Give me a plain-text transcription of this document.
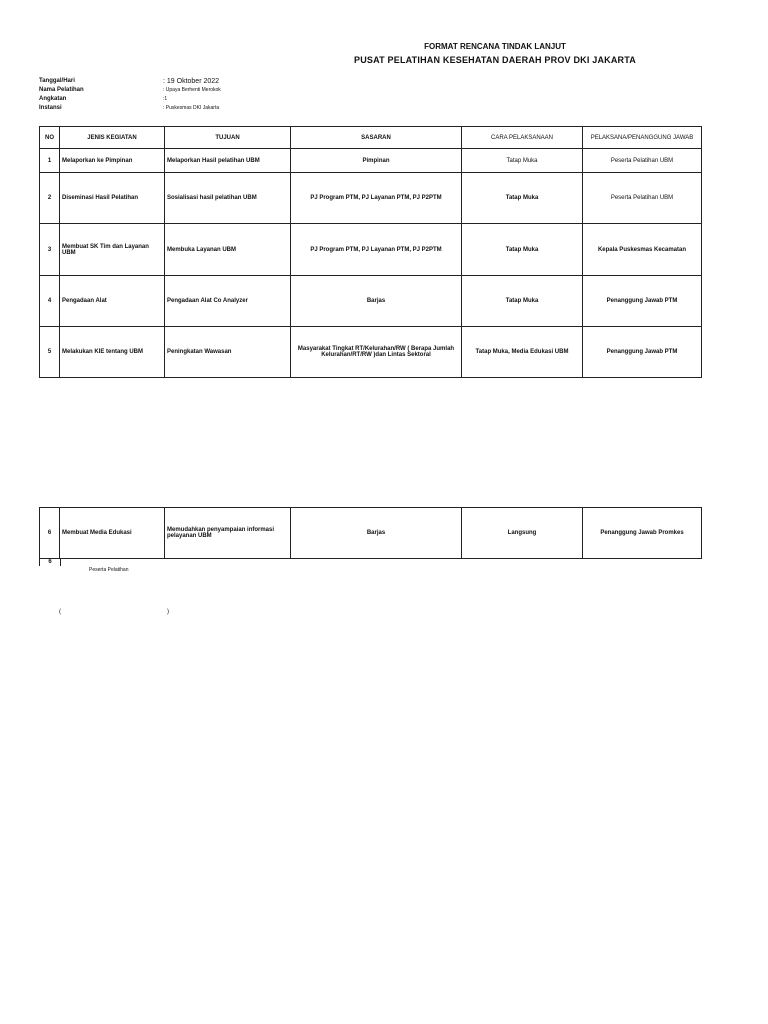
FORMAT RENCANA TINDAK LANJUT
PUSAT PELATIHAN KESEHATAN DAERAH PROV DKI JAKARTA
Tanggal/Hari	: 19 Oktober 2022
Nama Pelatihan	: Upaya Berhenti Merokok
Angkatan	:1
Instansi	: Puskesmas DKI Jakarta
NO	JENIS KEGIATAN	TUJUAN	SASARAN	CARA PELAKSANAAN	PELAKSANA/PENANGGUNG JAWAB
1	Melaporkan ke Pimpinan	Melaporkan Hasil pelatihan UBM	Pimpinan	Tatap Muka	Peserta Pelatihan UBM
2	Diseminasi Hasil Pelatihan	Sosialisasi hasil pelatihan UBM	PJ Program PTM, PJ Layanan PTM, PJ P2PTM	Tatap Muka	Peserta Pelatihan UBM
3	Membuat SK Tim dan Layanan UBM	Membuka Layanan UBM	PJ Program PTM, PJ Layanan PTM, PJ P2PTM	Tatap Muka	Kepala Puskesmas Kecamatan
4	Pengadaan Alat	Pengadaan Alat Co Analyzer	Barjas	Tatap Muka	Penanggung Jawab PTM
5	Melakukan KIE tentang UBM	Peningkatan Wawasan	Masyarakat Tingkat RT/Kelurahan/RW ( Berapa Jumlah Kelurahan/RT/RW )dan Lintas Sektoral	Tatap Muka, Media Edukasi UBM	Penanggung Jawab PTM
6	Membuat Media Edukasi	Memudahkan penyampaian informasi pelayanan UBM	Barjas	Langsung	Penanggung Jawab Promkes
6
Peserta Pelatihan
(	)
